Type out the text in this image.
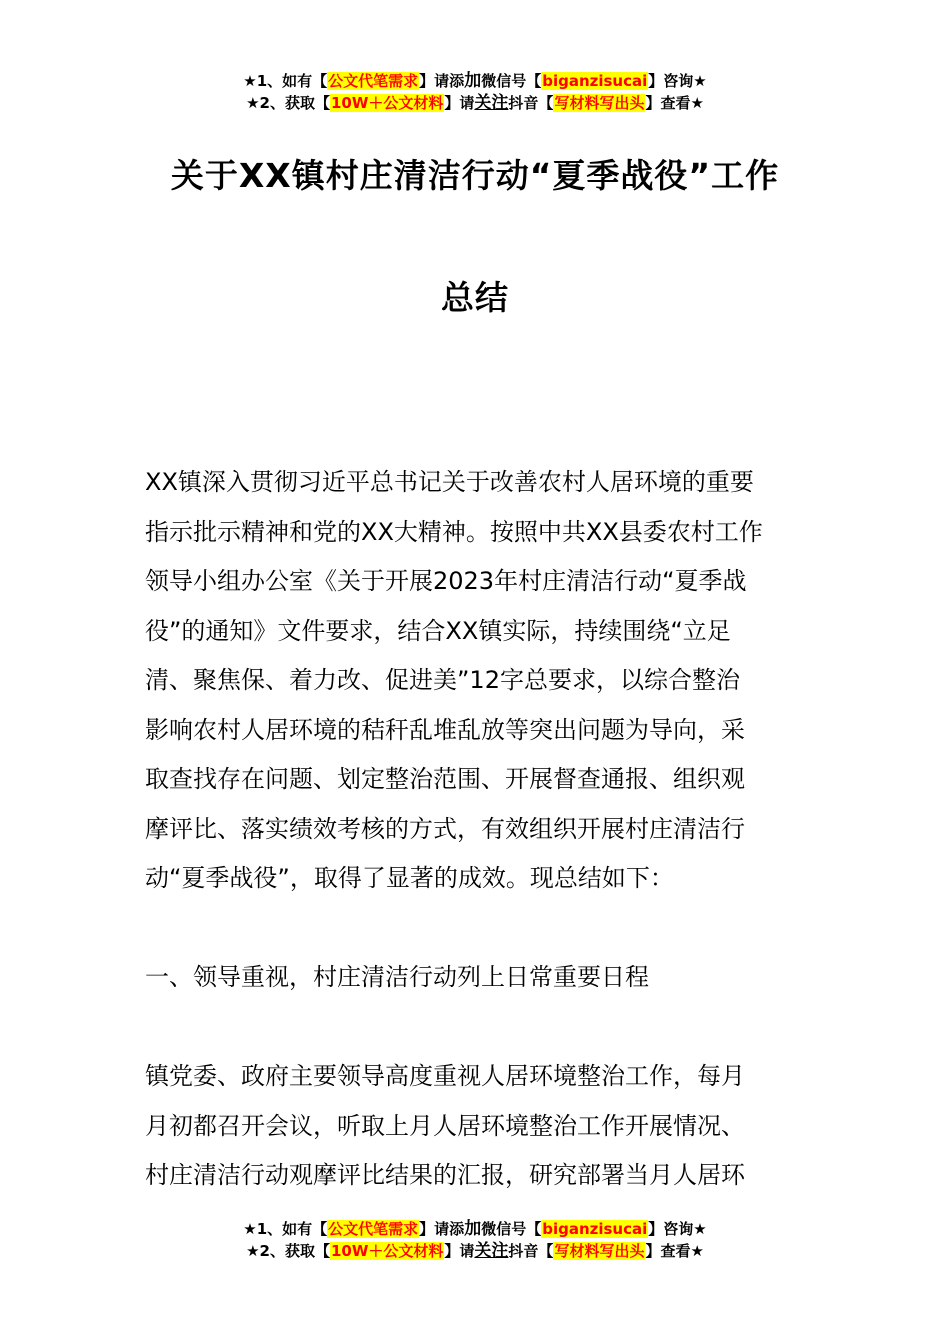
★1、如有【公文代笔需求】请添加微信号【biganzisucai】咨询★
★2、获取【10W＋公文材料】请关注抖音【写材料写出头】查看★
关于XX镇村庄清洁行动“夏季战役”工作
总结

XX镇深入贯彻习近平总书记关于改善农村人居环境的重要

指示批示精神和党的XX大精神。按照中共XX县委农村工作

领导小组办公室《关于开展2023年村庄清洁行动“夏季战

役”的通知》文件要求，结合XX镇实际，持续围绕“立足

清、聚焦保、着力改、促进美”12字总要求，以综合整治

影响农村人居环境的秸秆乱堆乱放等突出问题为导向，采

取查找存在问题、划定整治范围、开展督查通报、组织观

摩评比、落实绩效考核的方式，有效组织开展村庄清洁行

动“夏季战役”，取得了显著的成效。现总结如下：

一、领导重视，村庄清洁行动列上日常重要日程

镇党委、政府主要领导高度重视人居环境整治工作，每月

月初都召开会议，听取上月人居环境整治工作开展情况、

村庄清洁行动观摩评比结果的汇报，研究部署当月人居环

★1、如有【公文代笔需求】请添加微信号【biganzisucai】咨询★
★2、获取【10W＋公文材料】请关注抖音【写材料写出头】查看★
